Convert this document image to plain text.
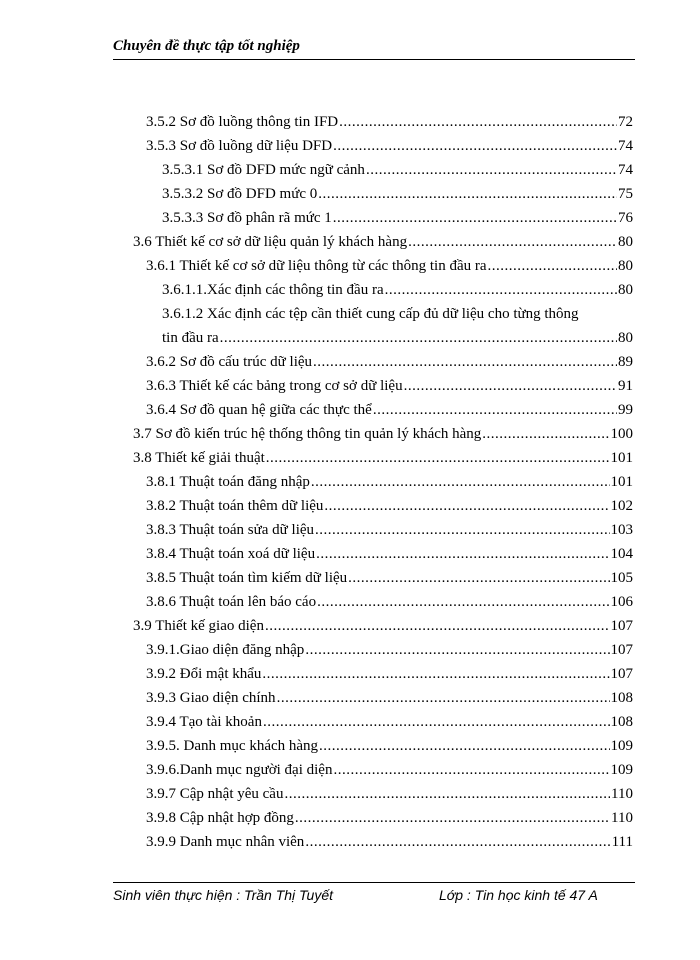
Chuyên đề thực tập tốt nghiệp
3.5.2 Sơ đồ luồng thông tin IFD .....	72
3.5.3 Sơ đồ luồng dữ liệu DFD .....	74
3.5.3.1 Sơ đồ DFD mức ngữ cảnh .....	74
3.5.3.2 Sơ đồ DFD mức 0 .....	75
3.5.3.3 Sơ đồ phân rã mức 1 .....	76
3.6 Thiết kế cơ sở dữ liệu quản lý khách hàng .....	80
3.6.1 Thiết kế cơ sở dữ liệu thông từ các thông tin đầu ra .....	80
3.6.1.1.Xác định các thông tin đầu ra .....	80
3.6.1.2 Xác định các tệp cần thiết cung cấp đủ dữ liệu cho từng thông
tin đầu ra .....	80
3.6.2 Sơ đồ cấu trúc dữ liệu .....	89
3.6.3 Thiết kế các bảng trong cơ sở dữ liệu .....	91
3.6.4 Sơ đồ quan hệ giữa các thực thể .....	99
3.7 Sơ đồ kiến trúc hệ thống thông tin quản lý khách hàng .....	100
3.8 Thiết kế giải thuật .....	101
3.8.1 Thuật toán đăng nhập .....	101
3.8.2 Thuật toán thêm dữ liệu .....	102
3.8.3 Thuật toán sửa dữ liệu .....	103
3.8.4 Thuật toán xoá dữ liệu .....	104
3.8.5 Thuật toán tìm kiếm dữ liệu .....	105
3.8.6 Thuật toán lên báo cáo .....	106
3.9 Thiết kế giao diện .....	107
3.9.1.Giao diện đăng nhập .....	107
3.9.2 Đổi mật khẩu .....	107
3.9.3 Giao diện chính .....	108
3.9.4 Tạo tài khoản .....	108
3.9.5. Danh mục khách hàng .....	109
3.9.6.Danh mục người đại diện .....	109
3.9.7 Cập nhật yêu cầu .....	110
3.9.8 Cập nhật hợp đồng .....	110
3.9.9 Danh mục nhân viên .....	111
Sinh viên thực hiện : Trần Thị Tuyết	Lớp : Tin học kinh tế 47 A
